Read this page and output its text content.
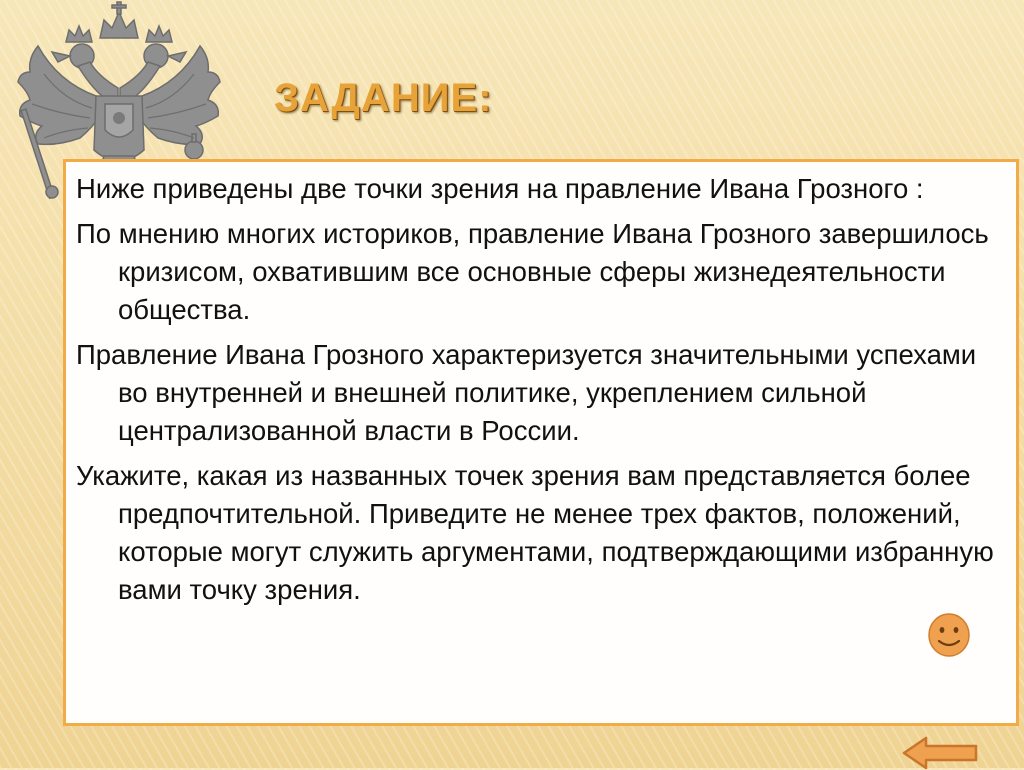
ЗАДАНИЕ:

Ниже приведены две точки зрения на правление Ивана Грозного :

По мнению многих историков, правление Ивана Грозного завершилось кризисом, охватившим все основные сферы жизнедеятельности общества.

Правление Ивана Грозного характеризуется значительными успехами во внутренней и внешней политике, укреплением сильной централизованной власти в России.

Укажите, какая из названных точек зрения вам представляется более предпочтительной. Приведите не менее трех фактов, положений, которые могут служить аргументами, подтверждающими избранную вами точку зрения.
